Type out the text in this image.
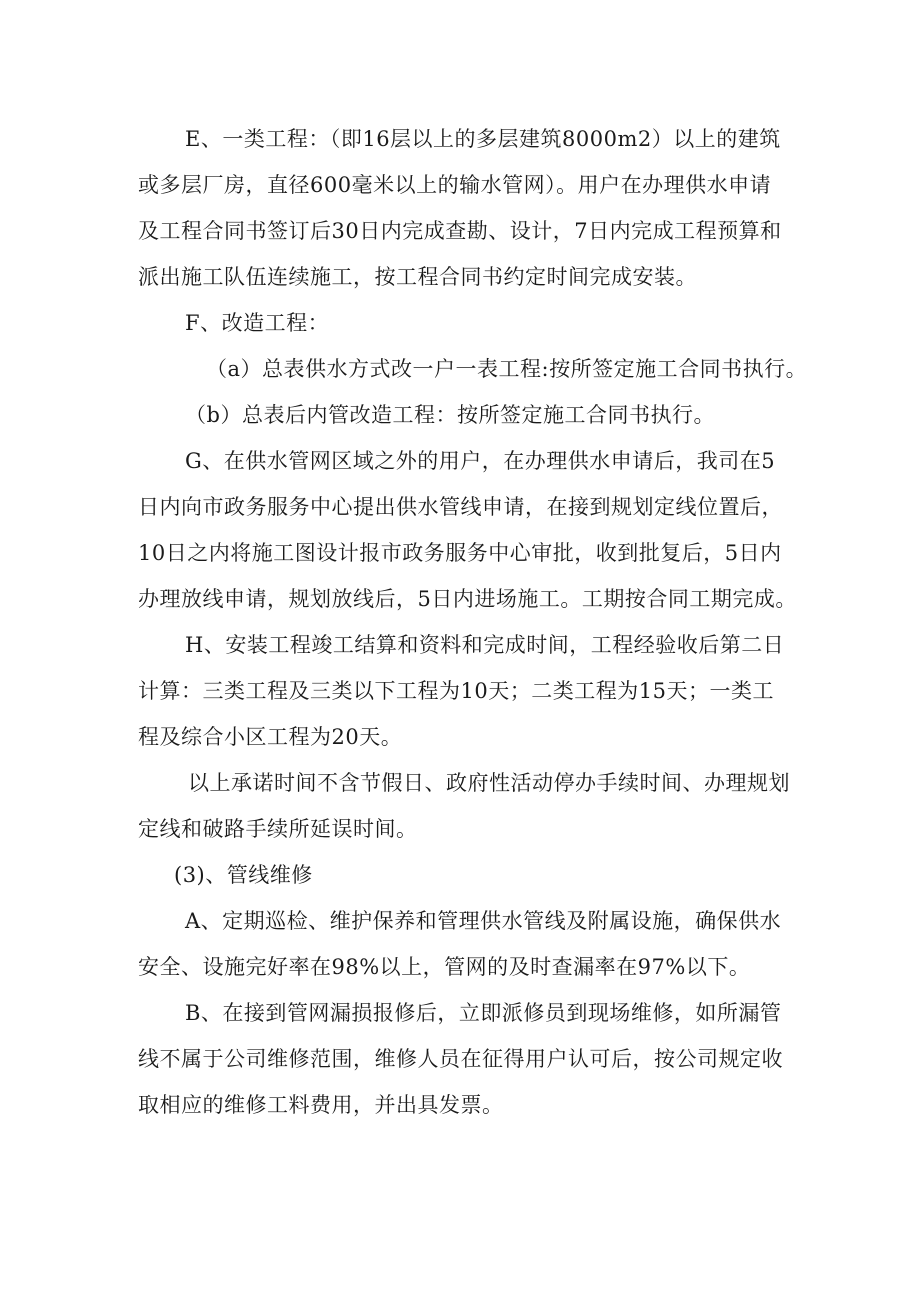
E、一类工程：（即16层以上的多层建筑8000m2）以上的建筑
或多层厂房，直径600毫米以上的输水管网）。用户在办理供水申请
及工程合同书签订后30日内完成查勘、设计，7日内完成工程预算和
派出施工队伍连续施工，按工程合同书约定时间完成安装。
F、改造工程：
（a）总表供水方式改一户一表工程:按所签定施工合同书执行。
（b）总表后内管改造工程：按所签定施工合同书执行。
G、在供水管网区域之外的用户，在办理供水申请后，我司在5
日内向市政务服务中心提出供水管线申请，在接到规划定线位置后，
10日之内将施工图设计报市政务服务中心审批，收到批复后，5日内
办理放线申请，规划放线后，5日内进场施工。工期按合同工期完成。
H、安装工程竣工结算和资料和完成时间，工程经验收后第二日
计算：三类工程及三类以下工程为10天；二类工程为15天；一类工
程及综合小区工程为20天。
以上承诺时间不含节假日、政府性活动停办手续时间、办理规划
定线和破路手续所延误时间。
(3)、管线维修
A、定期巡检、维护保养和管理供水管线及附属设施，确保供水
安全、设施完好率在98%以上，管网的及时查漏率在97%以下。
B、在接到管网漏损报修后，立即派修员到现场维修，如所漏管
线不属于公司维修范围，维修人员在征得用户认可后，按公司规定收
取相应的维修工料费用，并出具发票。
